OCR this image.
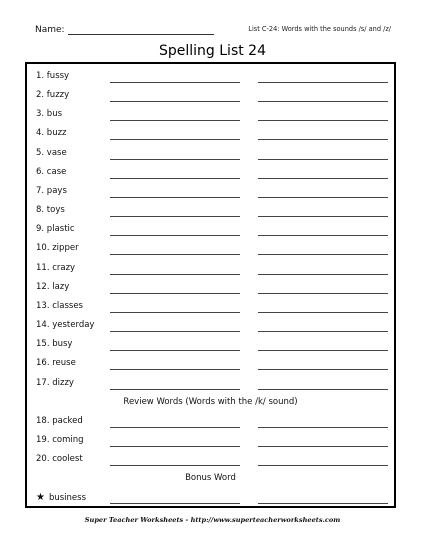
Name:	List C-24: Words with the sounds /s/ and /z/
Spelling List 24
1. fussy
2. fuzzy
3. bus
4. buzz
5. vase
6. case
7. pays
8. toys
9. plastic
10. zipper
11. crazy
12. lazy
13. classes
14. yesterday
15. busy
16. reuse
17. dizzy
Review Words (Words with the /k/ sound)
18. packed
19. coming
20. coolest
Bonus Word
★ business
Super Teacher Worksheets - http://www.superteacherworksheets.com
